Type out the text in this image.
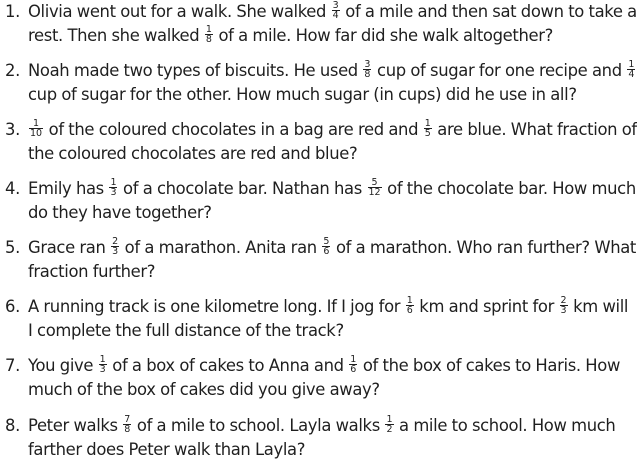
1. Olivia went out for a walk. She walked $\frac{3}{4}$ of a mile and then sat down to take a
rest. Then she walked $\frac{1}{8}$ of a mile. How far did she walk altogether?
2. Noah made two types of biscuits. He used $\frac{3}{8}$ cup of sugar for one recipe and $\frac{1}{4}$
cup of sugar for the other. How much sugar (in cups) did he use in all?
3. $\frac{1}{10}$ of the coloured chocolates in a bag are red and $\frac{1}{5}$ are blue. What fraction of
the coloured chocolates are red and blue?
4. Emily has $\frac{1}{3}$ of a chocolate bar. Nathan has $\frac{5}{12}$ of the chocolate bar. How much
do they have together?
5. Grace ran $\frac{2}{3}$ of a marathon. Anita ran $\frac{5}{6}$ of a marathon. Who ran further? What
fraction further?
6. A running track is one kilometre long. If I jog for $\frac{1}{6}$ km and sprint for $\frac{2}{3}$ km will
I complete the full distance of the track?
7. You give $\frac{1}{3}$ of a box of cakes to Anna and $\frac{1}{6}$ of the box of cakes to Haris. How
much of the box of cakes did you give away?
8. Peter walks $\frac{7}{8}$ of a mile to school. Layla walks $\frac{1}{2}$ a mile to school. How much
farther does Peter walk than Layla?
